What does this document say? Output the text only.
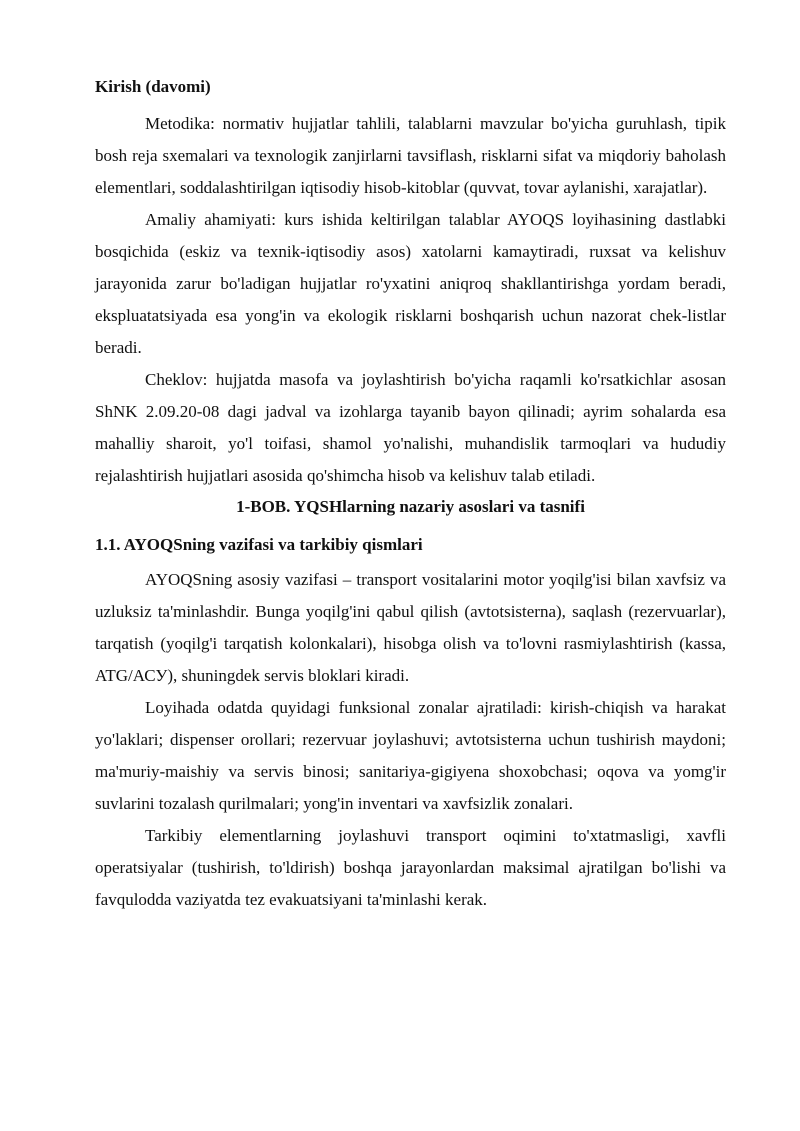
Kirish (davomi)

Metodika: normativ hujjatlar tahlili, talablarni mavzular bo'yicha guruhlash, tipik bosh reja sxemalari va texnologik zanjirlarni tavsiflash, risklarni sifat va miqdoriy baholash elementlari, soddalashtirilgan iqtisodiy hisob-kitoblar (quvvat, tovar aylanishi, xarajatlar).

Amaliy ahamiyati: kurs ishida keltirilgan talablar AYOQS loyihasining dastlabki bosqichida (eskiz va texnik-iqtisodiy asos) xatolarni kamaytiradi, ruxsat va kelishuv jarayonida zarur bo'ladigan hujjatlar ro'yxatini aniqroq shakllantirishga yordam beradi, ekspluatatsiyada esa yong'in va ekologik risklarni boshqarish uchun nazorat chek-listlar beradi.

Cheklov: hujjatda masofa va joylashtirish bo'yicha raqamli ko'rsatkichlar asosan ShNK 2.09.20-08 dagi jadval va izohlarga tayanib bayon qilinadi; ayrim sohalarda esa mahalliy sharoit, yo'l toifasi, shamol yo'nalishi, muhandislik tarmoqlari va hududiy rejalashtirish hujjatlari asosida qo'shimcha hisob va kelishuv talab etiladi.

1-BOB. YQSHlarning nazariy asoslari va tasnifi

1.1. AYOQSning vazifasi va tarkibiy qismlari

AYOQSning asosiy vazifasi – transport vositalarini motor yoqilg'isi bilan xavfsiz va uzluksiz ta'minlashdir. Bunga yoqilg'ini qabul qilish (avtotsisterna), saqlash (rezervuarlar), tarqatish (yoqilg'i tarqatish kolonkalari), hisobga olish va to'lovni rasmiylashtirish (kassa, ATG/АСУ), shuningdek servis bloklari kiradi.

Loyihada odatda quyidagi funksional zonalar ajratiladi: kirish-chiqish va harakat yo'laklari; dispenser orollari; rezervuar joylashuvi; avtotsisterna uchun tushirish maydoni; ma'muriy-maishiy va servis binosi; sanitariya-gigiyena shoxobchasi; oqova va yomg'ir suvlarini tozalash qurilmalari; yong'in inventari va xavfsizlik zonalari.

Tarkibiy elementlarning joylashuvi transport oqimini to'xtatmasligi, xavfli operatsiyalar (tushirish, to'ldirish) boshqa jarayonlardan maksimal ajratilgan bo'lishi va favqulodda vaziyatda tez evakuatsiyani ta'minlashi kerak.
